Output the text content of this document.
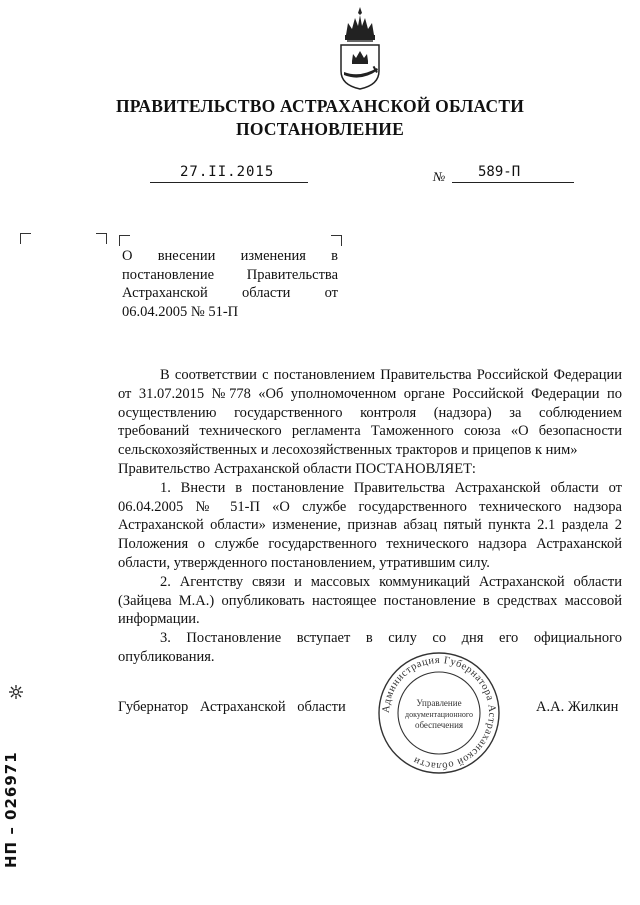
ПРАВИТЕЛЬСТВО АСТРАХАНСКОЙ ОБЛАСТИ
ПОСТАНОВЛЕНИЕ
27.II.2015	№ 589-П
О внесении изменения в постановление Правительства Астраханской области от 06.04.2005 № 51-П

В соответствии с постановлением Правительства Российской Федерации от 31.07.2015 №778 «Об уполномоченном органе Российской Федерации по осуществлению государственного контроля (надзора) за соблюдением требований технического регламента Таможенного союза «О безопасности сельскохозяйственных и лесохозяйственных тракторов и прицепов к ним»

Правительство Астраханской области ПОСТАНОВЛЯЕТ:

1. Внести в постановление Правительства Астраханской области от 06.04.2005 № 51-П «О службе государственного технического надзора Астраханской области» изменение, признав абзац пятый пункта 2.1 раздела 2 Положения о службе государственного технического надзора Астраханской области, утвержденного постановлением, утратившим силу.

2. Агентству связи и массовых коммуникаций Астраханской области (Зайцева М.А.) опубликовать настоящее постановление в средствах массовой информации.

3. Постановление вступает в силу со дня его официального опубликования.

Губернатор Астраханской области	А.А. Жилкин
Администрация Губернатора Астраханской области
Управление
документационного
обеспечения
НП – 026971
